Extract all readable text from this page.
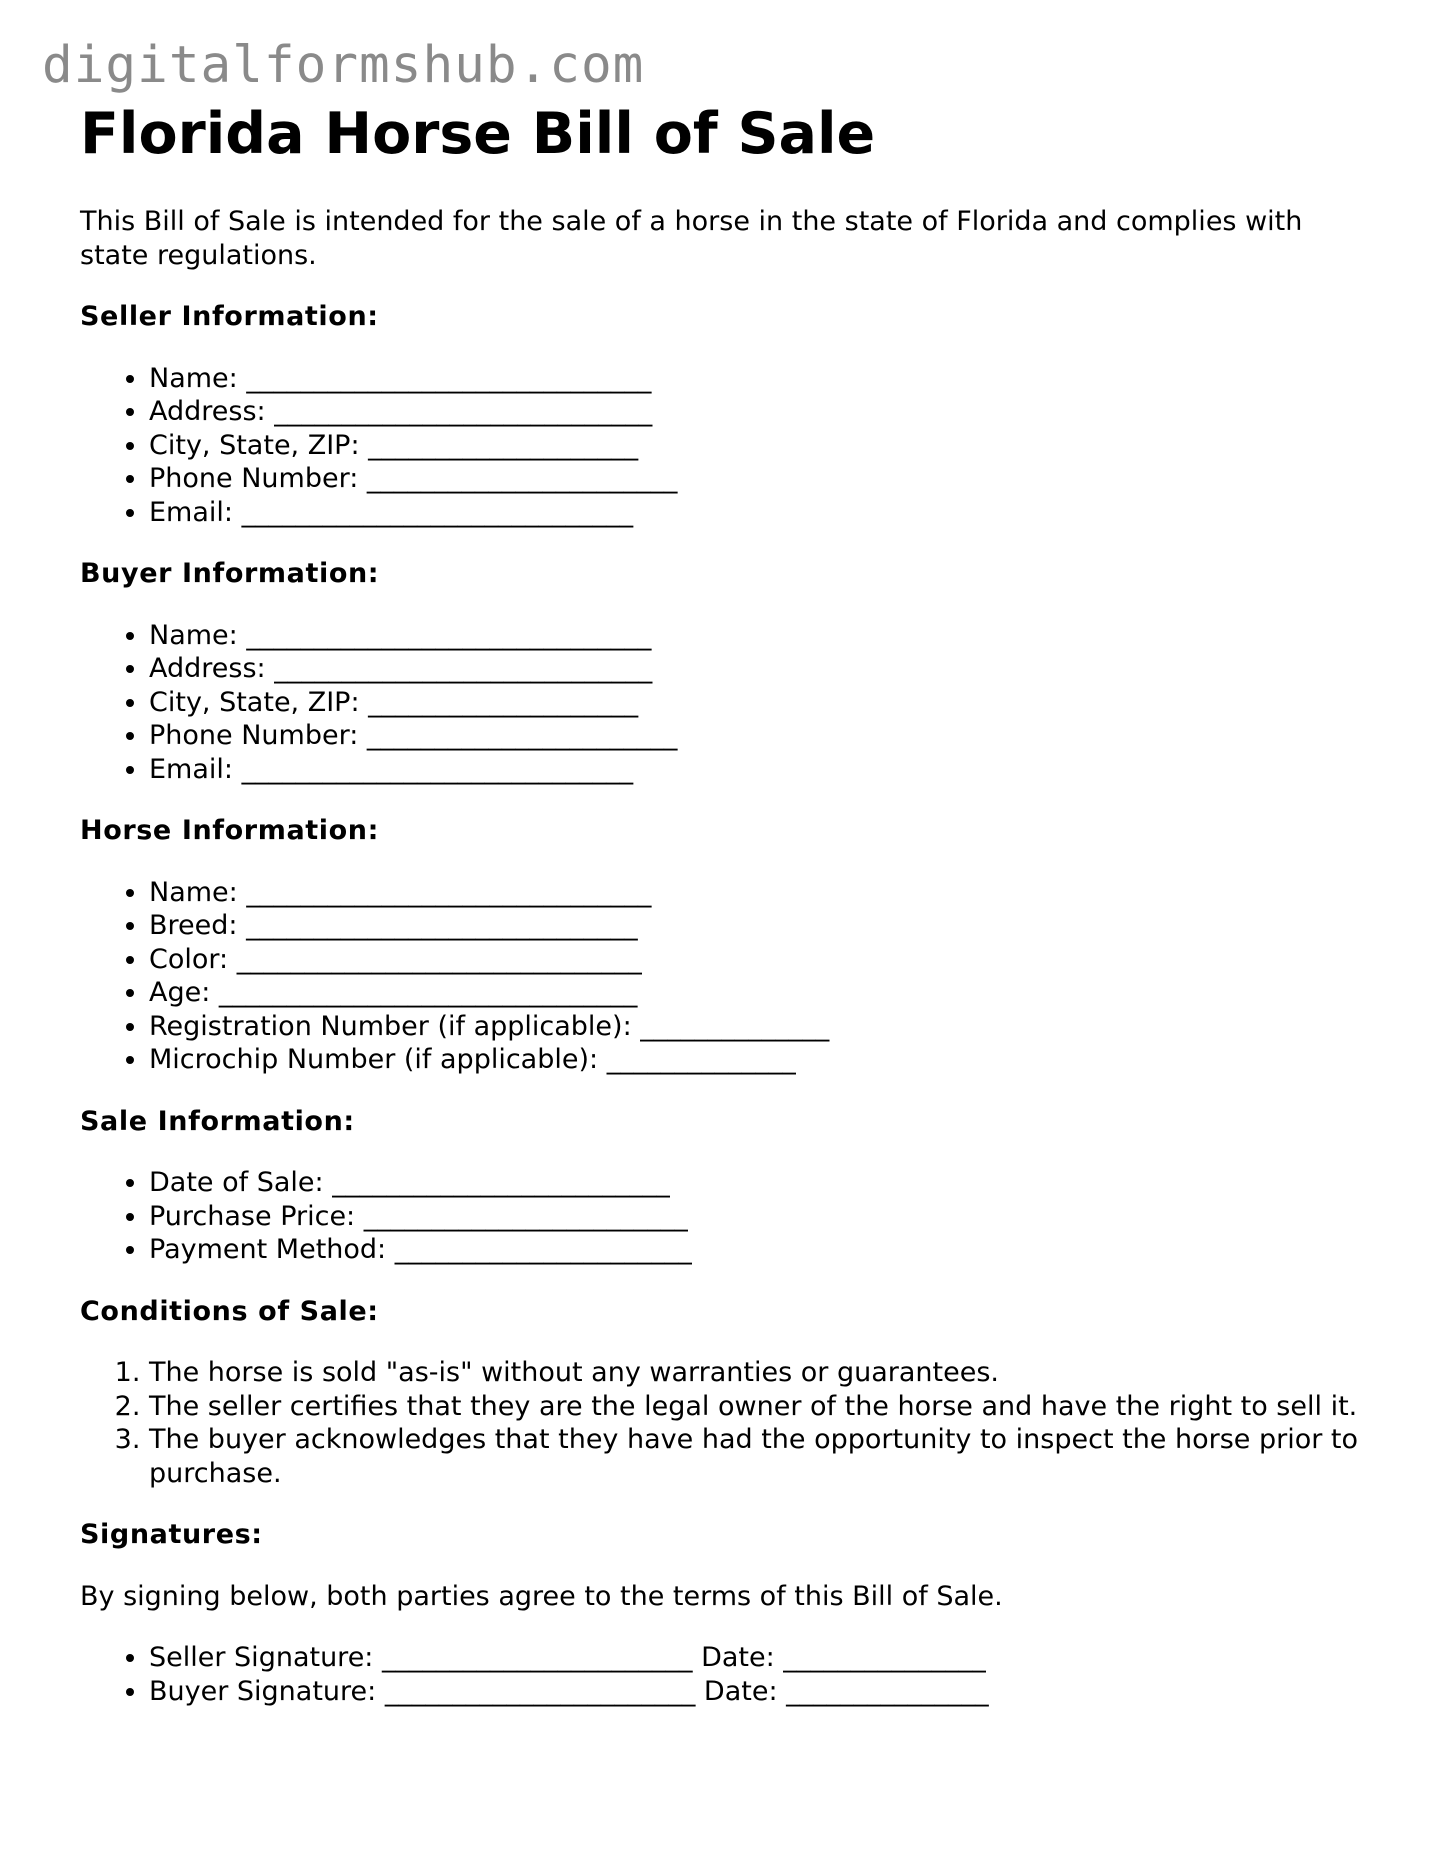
digitalformshub.com
Florida Horse Bill of Sale

This Bill of Sale is intended for the sale of a horse in the state of Florida and complies with state regulations.

Seller Information:
• Name: ______________________________
• Address: ____________________________
• City, State, ZIP: ____________________
• Phone Number: _______________________
• Email: _____________________________
Buyer Information:
• Name: ______________________________
• Address: ____________________________
• City, State, ZIP: ____________________
• Phone Number: _______________________
• Email: _____________________________
Horse Information:
• Name: ______________________________
• Breed: _____________________________
• Color: ______________________________
• Age: _______________________________
• Registration Number (if applicable): ______________
• Microchip Number (if applicable): ______________
Sale Information:
• Date of Sale: _________________________
• Purchase Price: ________________________
• Payment Method: ______________________
Conditions of Sale:
1. The horse is sold "as-is" without any warranties or guarantees.
2. The seller certifies that they are the legal owner of the horse and have the right to sell it.
3. The buyer acknowledges that they have had the opportunity to inspect the horse prior to purchase.
Signatures:

By signing below, both parties agree to the terms of this Bill of Sale.

• Seller Signature: _______________________ Date: _______________
• Buyer Signature: _______________________ Date: _______________
